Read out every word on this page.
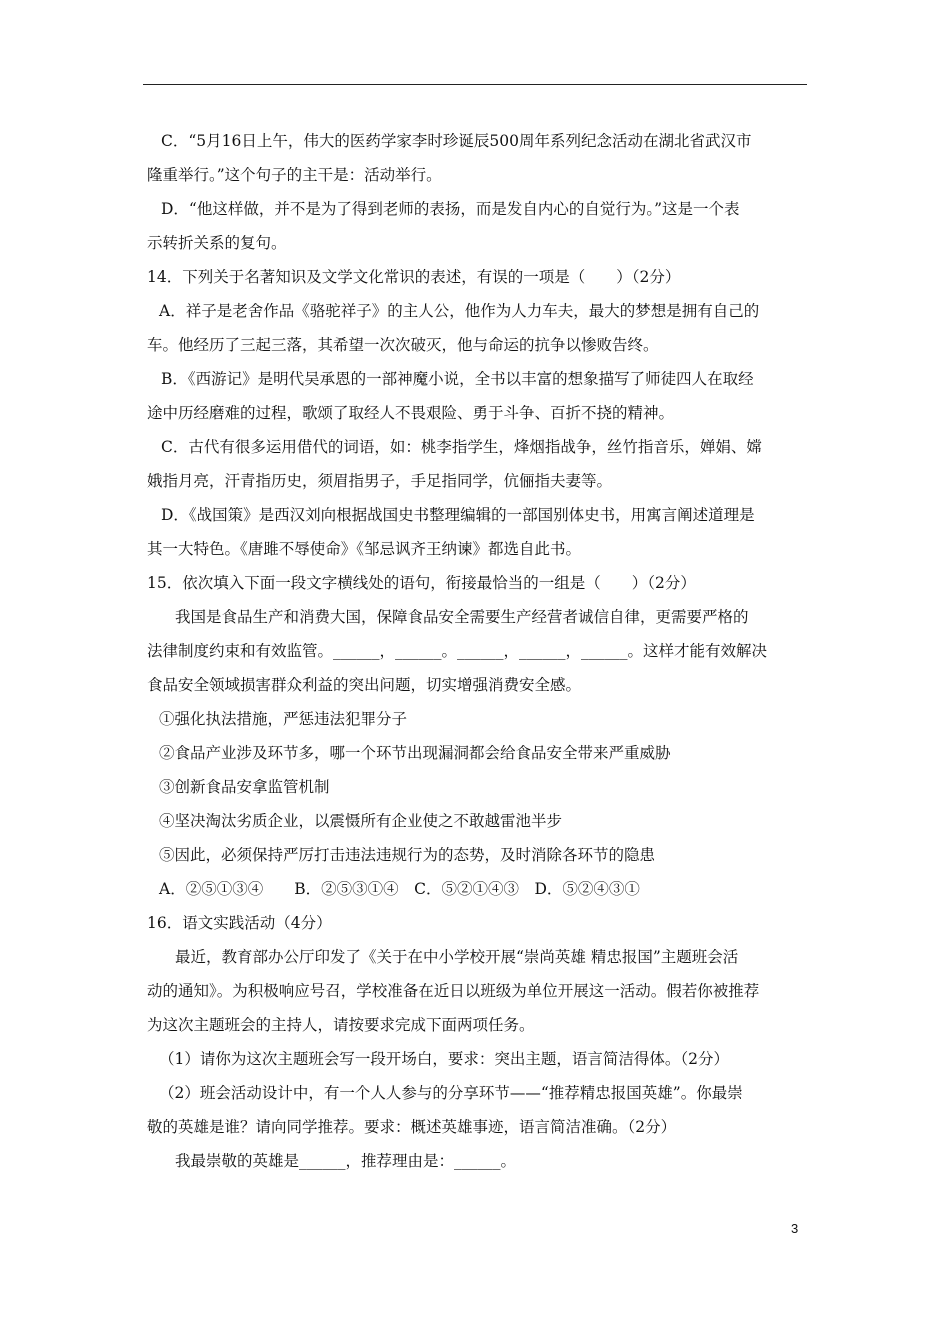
C．“5月16日上午，伟大的医药学家李时珍诞辰500周年系列纪念活动在湖北省武汉市
隆重举行。”这个句子的主干是：活动举行。
D．“他这样做，并不是为了得到老师的表扬，而是发自内心的自觉行为。”这是一个表
示转折关系的复句。
14．下列关于名著知识及文学文化常识的表述，有误的一项是（　　）（2分）
A．祥子是老舍作品《骆驼祥子》的主人公，他作为人力车夫，最大的梦想是拥有自己的
车。他经历了三起三落，其希望一次次破灭，他与命运的抗争以惨败告终。
B．《西游记》是明代吴承恩的一部神魔小说，全书以丰富的想象描写了师徒四人在取经
途中历经磨难的过程，歌颂了取经人不畏艰险、勇于斗争、百折不挠的精神。
C．古代有很多运用借代的词语，如：桃李指学生，烽烟指战争，丝竹指音乐，婵娟、嫦
娥指月亮，汗青指历史，须眉指男子，手足指同学，伉俪指夫妻等。
D．《战国策》是西汉刘向根据战国史书整理编辑的一部国别体史书，用寓言阐述道理是
其一大特色。《唐雎不辱使命》《邹忌讽齐王纳谏》都选自此书。
15．依次填入下面一段文字横线处的语句，衔接最恰当的一组是（　　）（2分）
我国是食品生产和消费大国，保障食品安全需要生产经营者诚信自律，更需要严格的
法律制度约束和有效监管。______，______。______，______，______。这样才能有效解决
食品安全领域损害群众利益的突出问题，切实增强消费安全感。
①强化执法措施，严惩违法犯罪分子
②食品产业涉及环节多，哪一个环节出现漏洞都会给食品安全带来严重威胁
③创新食品安拿监管机制
④坚决淘汰劣质企业，以震慑所有企业使之不敢越雷池半步
⑤因此，必须保持严厉打击违法违规行为的态势，及时消除各环节的隐患
A．②⑤①③④　　B．②⑤③①④　C．⑤②①④③　D．⑤②④③①
16．语文实践活动（4分）
最近，教育部办公厅印发了《关于在中小学校开展“崇尚英雄 精忠报国”主题班会活
动的通知》。为积极响应号召，学校准备在近日以班级为单位开展这一活动。假若你被推荐
为这次主题班会的主持人，请按要求完成下面两项任务。
（1）请你为这次主题班会写一段开场白，要求：突出主题，语言简洁得体。（2分）
（2）班会活动设计中，有一个人人参与的分享环节——“推荐精忠报国英雄”。你最崇
敬的英雄是谁？请向同学推荐。要求：概述英雄事迹，语言简洁准确。（2分）
我最崇敬的英雄是______，推荐理由是：______。
3
